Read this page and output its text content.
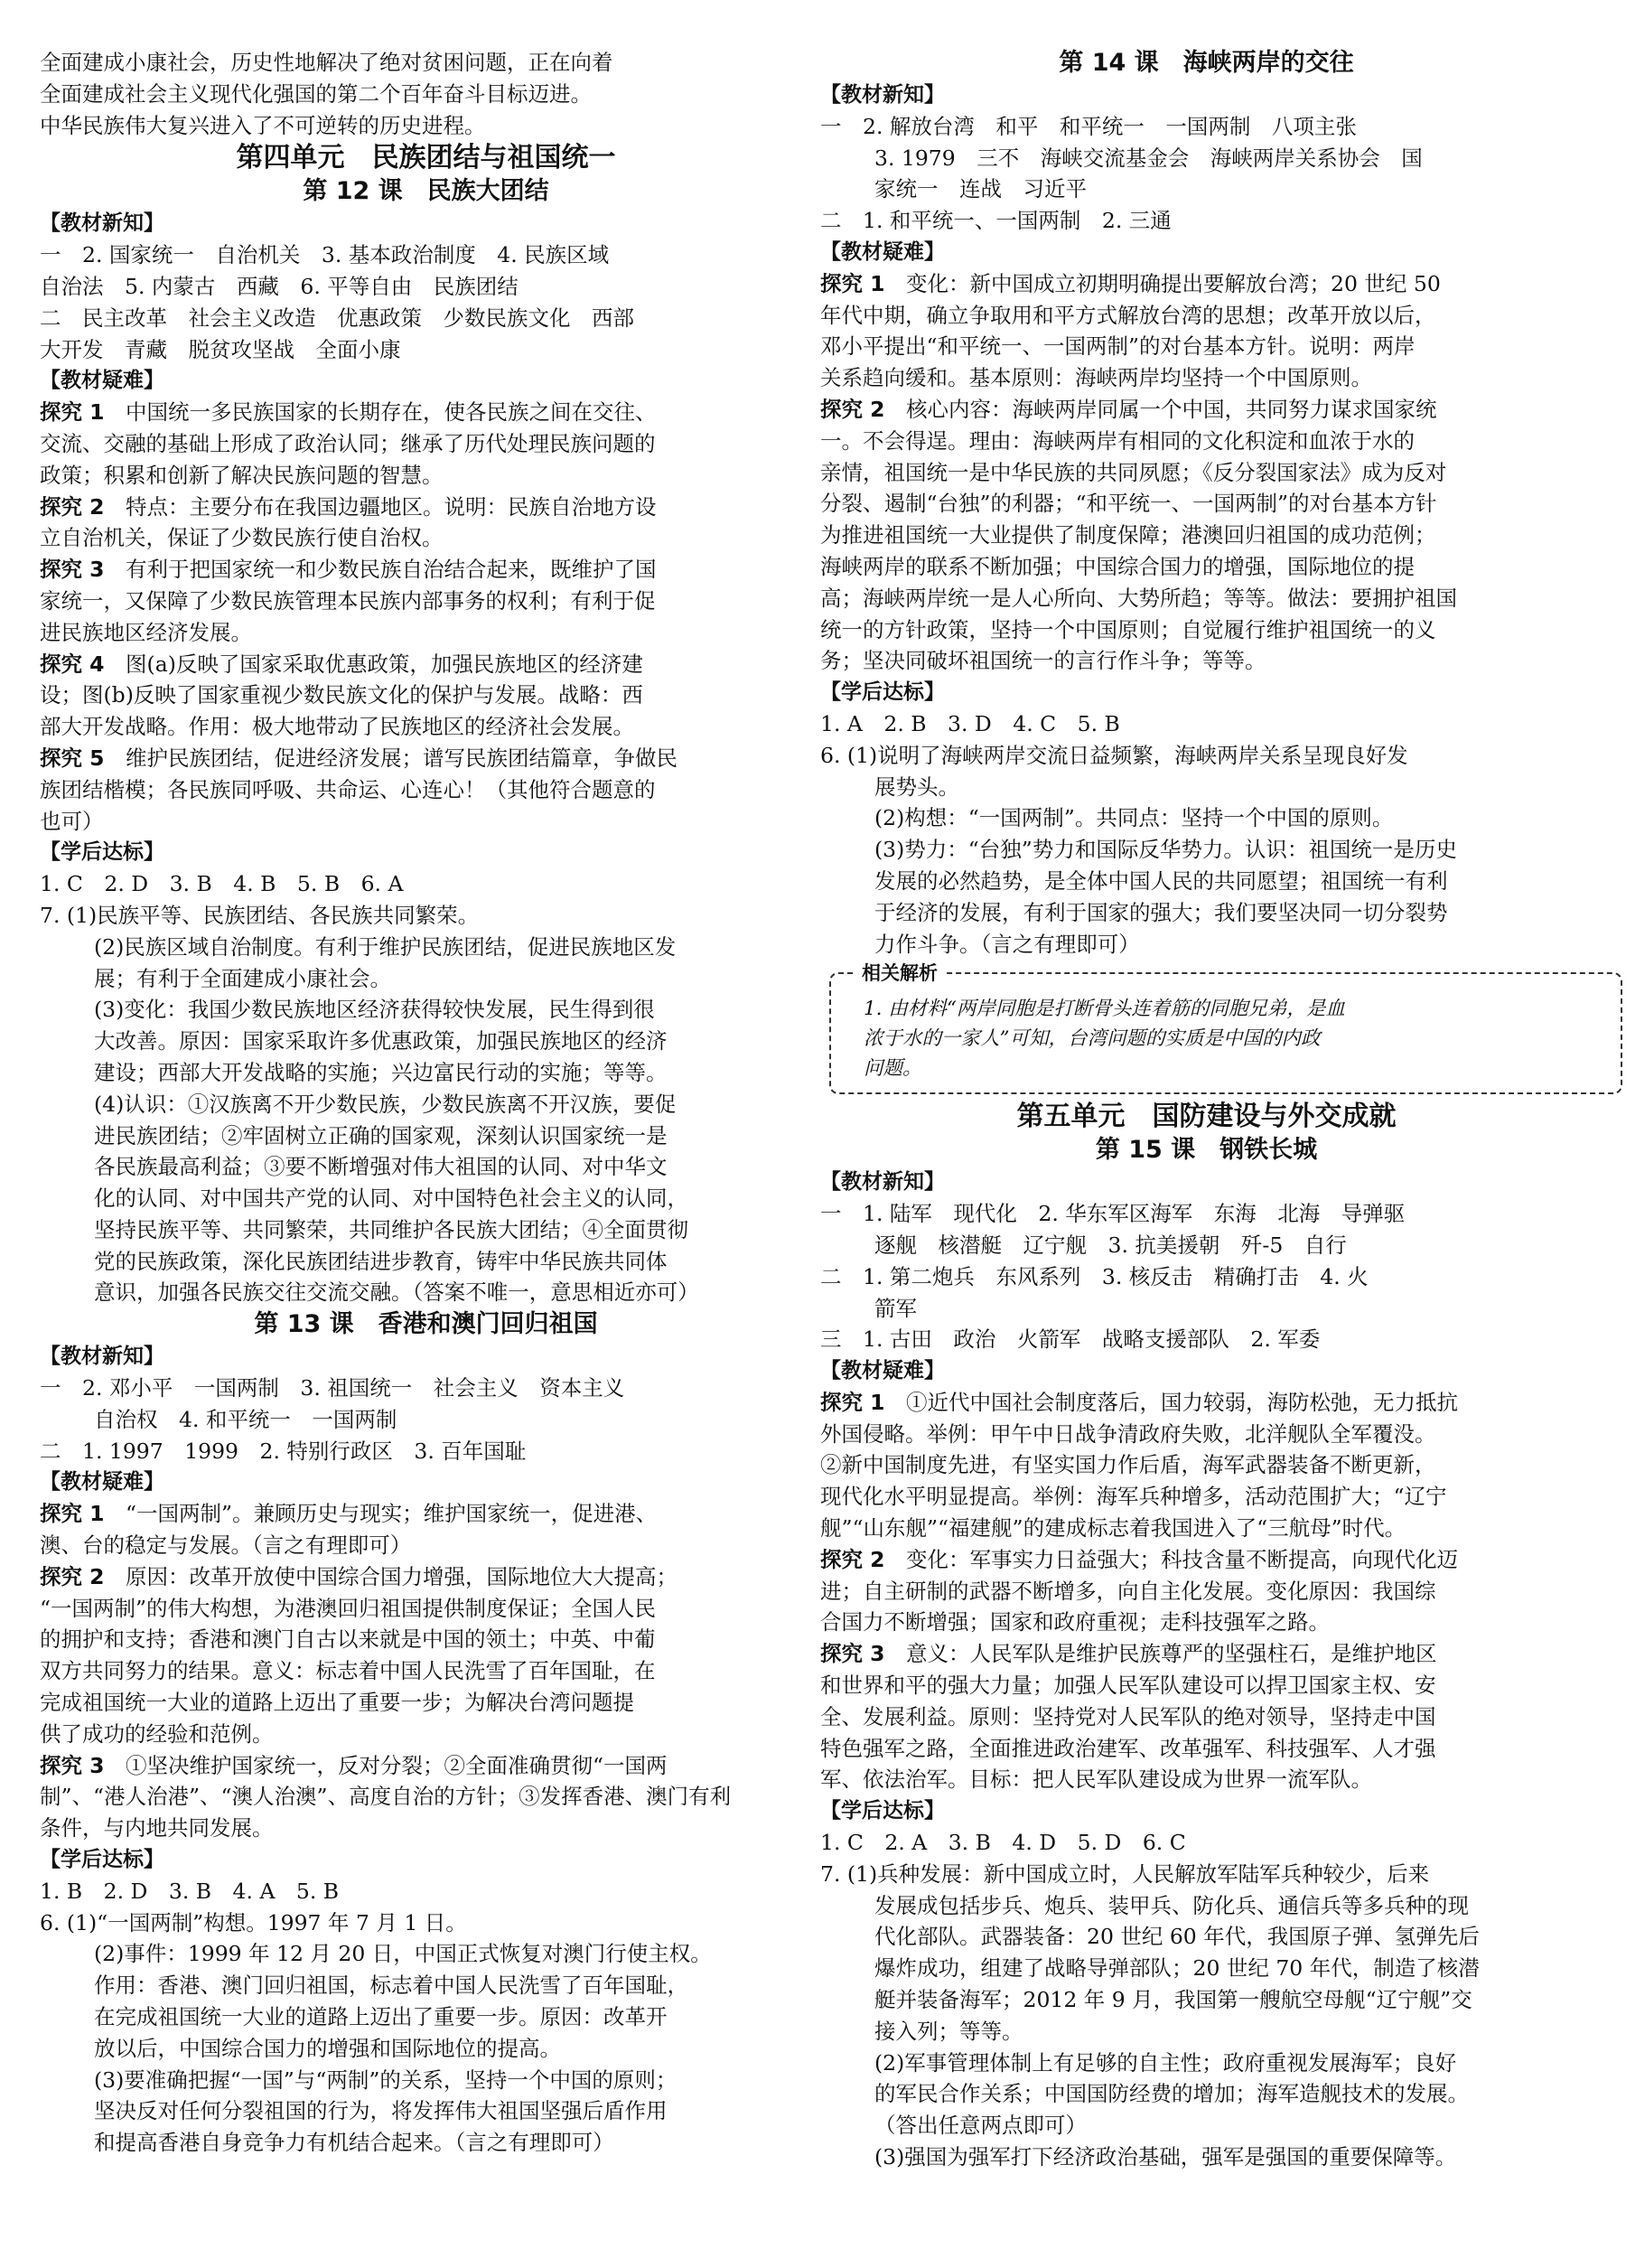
全面建成小康社会，历史性地解决了绝对贫困问题，正在向着
全面建成社会主义现代化强国的第二个百年奋斗目标迈进。
中华民族伟大复兴进入了不可逆转的历史进程。
第四单元　民族团结与祖国统一
第 12 课　民族大团结
【教材新知】
一　2. 国家统一　自治机关　3. 基本政治制度　4. 民族区域
自治法　5. 内蒙古　西藏　6. 平等自由　民族团结
二　民主改革　社会主义改造　优惠政策　少数民族文化　西部
大开发　青藏　脱贫攻坚战　全面小康
【教材疑难】
探究 1　中国统一多民族国家的长期存在，使各民族之间在交往、
交流、交融的基础上形成了政治认同；继承了历代处理民族问题的
政策；积累和创新了解决民族问题的智慧。
探究 2　特点：主要分布在我国边疆地区。说明：民族自治地方设
立自治机关，保证了少数民族行使自治权。
探究 3　有利于把国家统一和少数民族自治结合起来，既维护了国
家统一，又保障了少数民族管理本民族内部事务的权利；有利于促
进民族地区经济发展。
探究 4　图(a)反映了国家采取优惠政策，加强民族地区的经济建
设；图(b)反映了国家重视少数民族文化的保护与发展。战略：西
部大开发战略。作用：极大地带动了民族地区的经济社会发展。
探究 5　维护民族团结，促进经济发展；谱写民族团结篇章，争做民
族团结楷模；各民族同呼吸、共命运、心连心！（其他符合题意的
也可）
【学后达标】
1. C　2. D　3. B　4. B　5. B　6. A
7. (1)民族平等、民族团结、各民族共同繁荣。
(2)民族区域自治制度。有利于维护民族团结，促进民族地区发
展；有利于全面建成小康社会。
(3)变化：我国少数民族地区经济获得较快发展，民生得到很
大改善。原因：国家采取许多优惠政策，加强民族地区的经济
建设；西部大开发战略的实施；兴边富民行动的实施；等等。
(4)认识：①汉族离不开少数民族，少数民族离不开汉族，要促
进民族团结；②牢固树立正确的国家观，深刻认识国家统一是
各民族最高利益；③要不断增强对伟大祖国的认同、对中华文
化的认同、对中国共产党的认同、对中国特色社会主义的认同，
坚持民族平等、共同繁荣，共同维护各民族大团结；④全面贯彻
党的民族政策，深化民族团结进步教育，铸牢中华民族共同体
意识，加强各民族交往交流交融。（答案不唯一，意思相近亦可）
第 13 课　香港和澳门回归祖国
【教材新知】
一　2. 邓小平　一国两制　3. 祖国统一　社会主义　资本主义
自治权　4. 和平统一　一国两制
二　1. 1997　1999　2. 特别行政区　3. 百年国耻
【教材疑难】
探究 1　“一国两制”。兼顾历史与现实；维护国家统一，促进港、
澳、台的稳定与发展。（言之有理即可）
探究 2　原因：改革开放使中国综合国力增强，国际地位大大提高；
“一国两制”的伟大构想，为港澳回归祖国提供制度保证；全国人民
的拥护和支持；香港和澳门自古以来就是中国的领土；中英、中葡
双方共同努力的结果。意义：标志着中国人民洗雪了百年国耻，在
完成祖国统一大业的道路上迈出了重要一步；为解决台湾问题提
供了成功的经验和范例。
探究 3　①坚决维护国家统一，反对分裂；②全面准确贯彻“一国两
制”、“港人治港”、“澳人治澳”、高度自治的方针；③发挥香港、澳门有利
条件，与内地共同发展。
【学后达标】
1. B　2. D　3. B　4. A　5. B
6. (1)“一国两制”构想。1997 年 7 月 1 日。
(2)事件：1999 年 12 月 20 日，中国正式恢复对澳门行使主权。
作用：香港、澳门回归祖国，标志着中国人民洗雪了百年国耻，
在完成祖国统一大业的道路上迈出了重要一步。原因：改革开
放以后，中国综合国力的增强和国际地位的提高。
(3)要准确把握“一国”与“两制”的关系，坚持一个中国的原则；
坚决反对任何分裂祖国的行为，将发挥伟大祖国坚强后盾作用
和提高香港自身竞争力有机结合起来。（言之有理即可）
第 14 课　海峡两岸的交往
【教材新知】
一　2. 解放台湾　和平　和平统一　一国两制　八项主张
3. 1979　三不　海峡交流基金会　海峡两岸关系协会　国
家统一　连战　习近平
二　1. 和平统一、一国两制　2. 三通
【教材疑难】
探究 1　变化：新中国成立初期明确提出要解放台湾；20 世纪 50
年代中期，确立争取用和平方式解放台湾的思想；改革开放以后，
邓小平提出“和平统一、一国两制”的对台基本方针。说明：两岸
关系趋向缓和。基本原则：海峡两岸均坚持一个中国原则。
探究 2　核心内容：海峡两岸同属一个中国，共同努力谋求国家统
一。不会得逞。理由：海峡两岸有相同的文化积淀和血浓于水的
亲情，祖国统一是中华民族的共同夙愿；《反分裂国家法》成为反对
分裂、遏制“台独”的利器；“和平统一、一国两制”的对台基本方针
为推进祖国统一大业提供了制度保障；港澳回归祖国的成功范例；
海峡两岸的联系不断加强；中国综合国力的增强，国际地位的提
高；海峡两岸统一是人心所向、大势所趋；等等。做法：要拥护祖国
统一的方针政策，坚持一个中国原则；自觉履行维护祖国统一的义
务；坚决同破坏祖国统一的言行作斗争；等等。
【学后达标】
1. A　2. B　3. D　4. C　5. B
6. (1)说明了海峡两岸交流日益频繁，海峡两岸关系呈现良好发
展势头。
(2)构想：“一国两制”。共同点：坚持一个中国的原则。
(3)势力：“台独”势力和国际反华势力。认识：祖国统一是历史
发展的必然趋势，是全体中国人民的共同愿望；祖国统一有利
于经济的发展，有利于国家的强大；我们要坚决同一切分裂势
力作斗争。（言之有理即可）
相关解析
1. 由材料“两岸同胞是打断骨头连着筋的同胞兄弟，是血
浓于水的一家人”可知，台湾问题的实质是中国的内政
问题。
第五单元　国防建设与外交成就
第 15 课　钢铁长城
【教材新知】
一　1. 陆军　现代化　2. 华东军区海军　东海　北海　导弹驱
逐舰　核潜艇　辽宁舰　3. 抗美援朝　歼-5　自行
二　1. 第二炮兵　东风系列　3. 核反击　精确打击　4. 火
箭军
三　1. 古田　政治　火箭军　战略支援部队　2. 军委
【教材疑难】
探究 1　①近代中国社会制度落后，国力较弱，海防松弛，无力抵抗
外国侵略。举例：甲午中日战争清政府失败，北洋舰队全军覆没。
②新中国制度先进，有坚实国力作后盾，海军武器装备不断更新，
现代化水平明显提高。举例：海军兵种增多，活动范围扩大；“辽宁
舰”“山东舰”“福建舰”的建成标志着我国进入了“三航母”时代。
探究 2　变化：军事实力日益强大；科技含量不断提高，向现代化迈
进；自主研制的武器不断增多，向自主化发展。变化原因：我国综
合国力不断增强；国家和政府重视；走科技强军之路。
探究 3　意义：人民军队是维护民族尊严的坚强柱石，是维护地区
和世界和平的强大力量；加强人民军队建设可以捍卫国家主权、安
全、发展利益。原则：坚持党对人民军队的绝对领导，坚持走中国
特色强军之路，全面推进政治建军、改革强军、科技强军、人才强
军、依法治军。目标：把人民军队建设成为世界一流军队。
【学后达标】
1. C　2. A　3. B　4. D　5. D　6. C
7. (1)兵种发展：新中国成立时，人民解放军陆军兵种较少，后来
发展成包括步兵、炮兵、装甲兵、防化兵、通信兵等多兵种的现
代化部队。武器装备：20 世纪 60 年代，我国原子弹、氢弹先后
爆炸成功，组建了战略导弹部队；20 世纪 70 年代，制造了核潜
艇并装备海军；2012 年 9 月，我国第一艘航空母舰“辽宁舰”交
接入列；等等。
(2)军事管理体制上有足够的自主性；政府重视发展海军；良好
的军民合作关系；中国国防经费的增加；海军造舰技术的发展。
（答出任意两点即可）
(3)强国为强军打下经济政治基础，强军是强国的重要保障等。
